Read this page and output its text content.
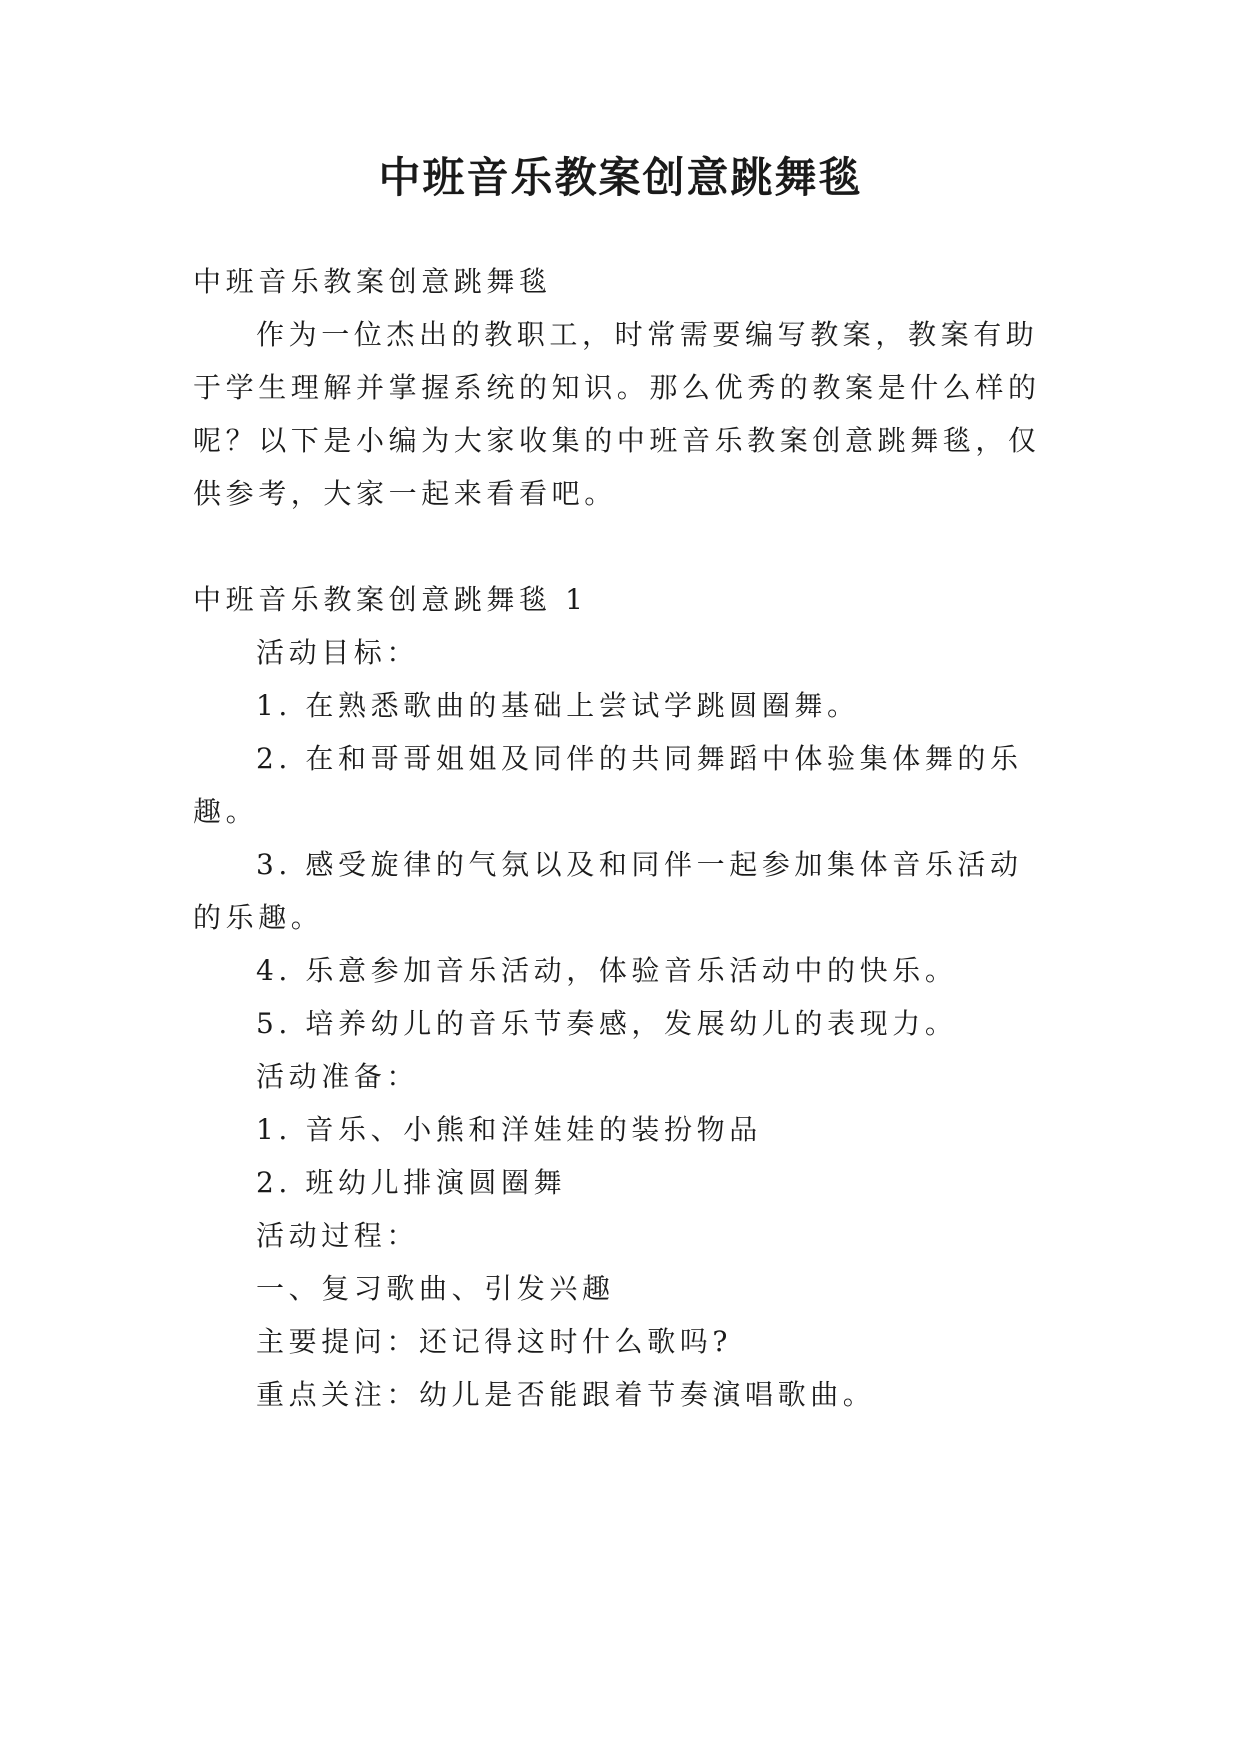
中班音乐教案创意跳舞毯
中班音乐教案创意跳舞毯
作为一位杰出的教职工，时常需要编写教案，教案有助
于学生理解并掌握系统的知识。那么优秀的教案是什么样的
呢？以下是小编为大家收集的中班音乐教案创意跳舞毯，仅
供参考，大家一起来看看吧。
中班音乐教案创意跳舞毯 1
活动目标：
1. 在熟悉歌曲的基础上尝试学跳圆圈舞。
2. 在和哥哥姐姐及同伴的共同舞蹈中体验集体舞的乐
趣。
3. 感受旋律的气氛以及和同伴一起参加集体音乐活动
的乐趣。
4. 乐意参加音乐活动，体验音乐活动中的快乐。
5. 培养幼儿的音乐节奏感，发展幼儿的表现力。
活动准备：
1. 音乐、小熊和洋娃娃的装扮物品
2. 班幼儿排演圆圈舞
活动过程：
一、复习歌曲、引发兴趣
主要提问：还记得这时什么歌吗?
重点关注：幼儿是否能跟着节奏演唱歌曲。
